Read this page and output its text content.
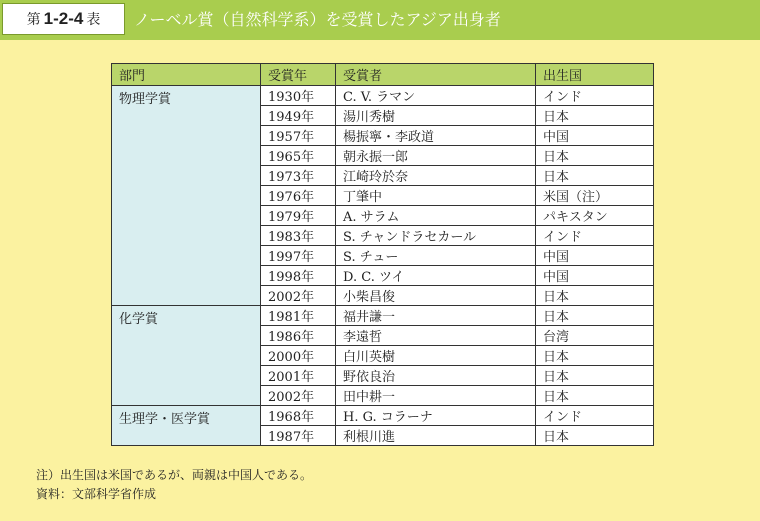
第 1-2-4 表 ノーベル賞（自然科学系）を受賞したアジア出身者
部門	受賞年	受賞者	出生国
物理学賞	1930年	C. V. ラマン	インド
	1949年	湯川秀樹	日本
	1957年	楊振寧・李政道	中国
	1965年	朝永振一郎	日本
	1973年	江崎玲於奈	日本
	1976年	丁肇中	米国（注）
	1979年	A. サラム	パキスタン
	1983年	S. チャンドラセカール	インド
	1997年	S. チュー	中国
	1998年	D. C. ツイ	中国
	2002年	小柴昌俊	日本
化学賞	1981年	福井謙一	日本
	1986年	李遠哲	台湾
	2000年	白川英樹	日本
	2001年	野依良治	日本
	2002年	田中耕一	日本
生理学・医学賞	1968年	H. G. コラーナ	インド
	1987年	利根川進	日本
注）出生国は米国であるが、両親は中国人である。
資料：文部科学省作成
